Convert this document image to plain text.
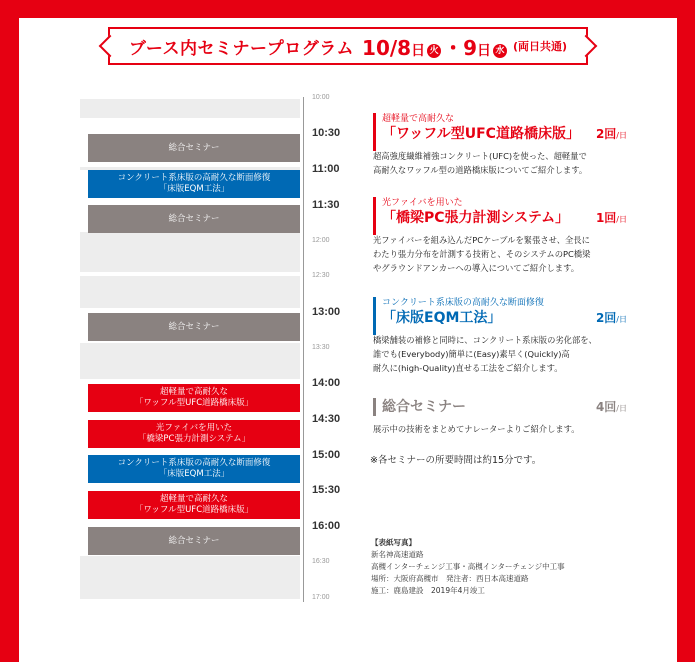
ブース内セミナープログラム 10/8日 火 ・9日 水 (両日共通)
10:00
10:30
11:00
11:30
12:00
12:30
13:00
13:30
14:00
14:30
15:00
15:30
16:00
16:30
17:00
総合セミナー
コンクリート系床版の高耐久な断面修復
「床版EQM工法」
総合セミナー
総合セミナー
超軽量で高耐久な
「ワッフル型UFC道路橋床版」
光ファイバを用いた
「橋梁PC張力計測システム」
コンクリート系床版の高耐久な断面修復
「床版EQM工法」
超軽量で高耐久な
「ワッフル型UFC道路橋床版」
総合セミナー
超軽量で高耐久な
「ワッフル型UFC道路橋床版」 2回/日
超高強度繊維補強コンクリート(UFC)を使った、超軽量で
高耐久なワッフル型の道路橋床版についてご紹介します。
光ファイバを用いた
「橋梁PC張力計測システム」 1回/日
光ファイバーを組み込んだPCケーブルを緊張させ、全長に
わたり張力分布を計測する技術と、そのシステムのPC橋梁
やグラウンドアンカーへの導入についてご紹介します。
コンクリート系床版の高耐久な断面修復
「床版EQM工法」	2回/日
橋梁舗装の補修と同時に、コンクリート系床版の劣化部を、
誰でも(Everybody)簡単に(Easy)素早く(Quickly)高
耐久に(high-Quality)直せる工法をご紹介します。
総合セミナー	4回/日
展示中の技術をまとめてナレーターよりご紹介します。
※各セミナーの所要時間は約15分です。
【表紙写真】
新名神高速道路
高槻インターチェンジ工事・高槻インターチェンジ中工事
場所：大阪府高槻市　発注者：西日本高速道路
施工：鹿島建設　2019年4月竣工
